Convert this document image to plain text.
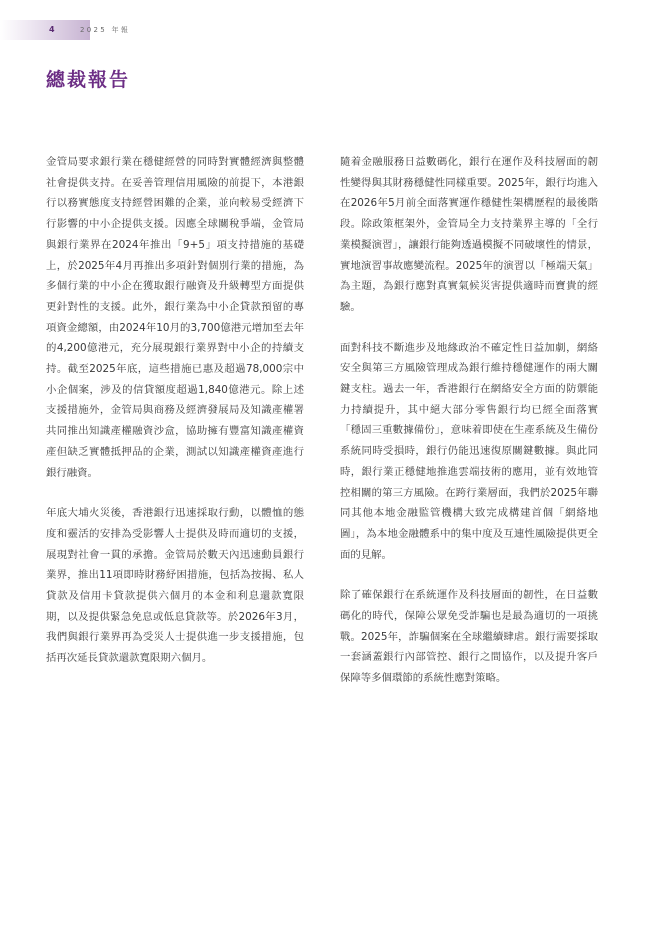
4	2025 年報
總裁報告

金管局要求銀行業在穩健經營的同時對實體經濟與整體社會提供支持。在妥善管理信用風險的前提下，本港銀行以務實態度支持經營困難的企業，並向較易受經濟下行影響的中小企提供支援。因應全球關稅爭端，金管局與銀行業界在2024年推出「9+5」項支持措施的基礎上，於2025年4月再推出多項針對個別行業的措施，為多個行業的中小企在獲取銀行融資及升級轉型方面提供更針對性的支援。此外，銀行業為中小企貸款預留的專項資金總額，由2024年10月的3,700億港元增加至去年的4,200億港元，充分展現銀行業界對中小企的持續支持。截至2025年底，這些措施已惠及超過78,000宗中小企個案，涉及的信貸額度超過1,840億港元。除上述支援措施外，金管局與商務及經濟發展局及知識產權署共同推出知識產權融資沙盒，協助擁有豐富知識產權資產但缺乏實體抵押品的企業，測試以知識產權資產進行銀行融資。

年底大埔火災後，香港銀行迅速採取行動，以體恤的態度和靈活的安排為受影響人士提供及時而適切的支援，展現對社會一貫的承擔。金管局於數天內迅速動員銀行業界，推出11項即時財務紓困措施，包括為按揭、私人貸款及信用卡貸款提供六個月的本金和利息還款寬限期，以及提供緊急免息或低息貸款等。於2026年3月，我們與銀行業界再為受災人士提供進一步支援措施，包括再次延長貸款還款寬限期六個月。

隨着金融服務日益數碼化，銀行在運作及科技層面的韌性變得與其財務穩健性同樣重要。2025年，銀行均進入在2026年5月前全面落實運作穩健性架構歷程的最後階段。除政策框架外，金管局全力支持業界主導的「全行業模擬演習」，讓銀行能夠透過模擬不同破壞性的情景，實地演習事故應變流程。2025年的演習以「極端天氣」為主題，為銀行應對真實氣候災害提供適時而寶貴的經驗。

面對科技不斷進步及地緣政治不確定性日益加劇，網絡安全與第三方風險管理成為銀行維持穩健運作的兩大關鍵支柱。過去一年，香港銀行在網絡安全方面的防禦能力持續提升，其中絕大部分零售銀行均已經全面落實「穩固三重數據備份」，意味着即使在生產系統及生備份系統同時受損時，銀行仍能迅速復原關鍵數據。與此同時，銀行業正穩健地推進雲端技術的應用，並有效地管控相關的第三方風險。在跨行業層面，我們於2025年聯同其他本地金融監管機構大致完成構建首個「網絡地圖」，為本地金融體系中的集中度及互連性風險提供更全面的見解。

除了確保銀行在系統運作及科技層面的韌性，在日益數碼化的時代，保障公眾免受詐騙也是最為適切的一項挑戰。2025年，詐騙個案在全球繼續肆虐。銀行需要採取一套涵蓋銀行內部管控、銀行之間協作，以及提升客戶保障等多個環節的系統性應對策略。
